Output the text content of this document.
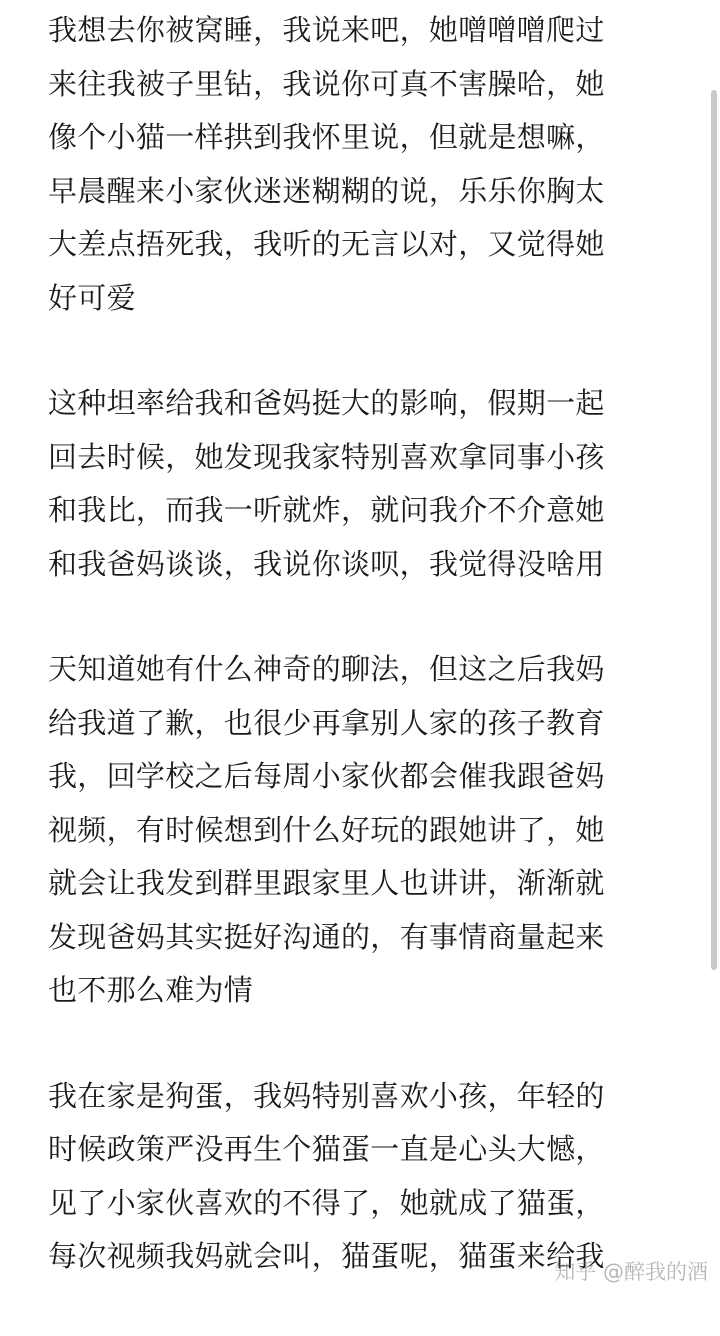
我想去你被窝睡，我说来吧，她噌噌噌爬过
来往我被子里钻，我说你可真不害臊哈，她
像个小猫一样拱到我怀里说，但就是想嘛，
早晨醒来小家伙迷迷糊糊的说，乐乐你胸太
大差点捂死我，我听的无言以对，又觉得她
好可爱
这种坦率给我和爸妈挺大的影响，假期一起
回去时候，她发现我家特别喜欢拿同事小孩
和我比，而我一听就炸，就问我介不介意她
和我爸妈谈谈，我说你谈呗，我觉得没啥用
天知道她有什么神奇的聊法，但这之后我妈
给我道了歉，也很少再拿别人家的孩子教育
我，回学校之后每周小家伙都会催我跟爸妈
视频，有时候想到什么好玩的跟她讲了，她
就会让我发到群里跟家里人也讲讲，渐渐就
发现爸妈其实挺好沟通的，有事情商量起来
也不那么难为情
我在家是狗蛋，我妈特别喜欢小孩，年轻的
时候政策严没再生个猫蛋一直是心头大憾，
见了小家伙喜欢的不得了，她就成了猫蛋，
每次视频我妈就会叫，猫蛋呢，猫蛋来给我
知乎 @醉我的酒
